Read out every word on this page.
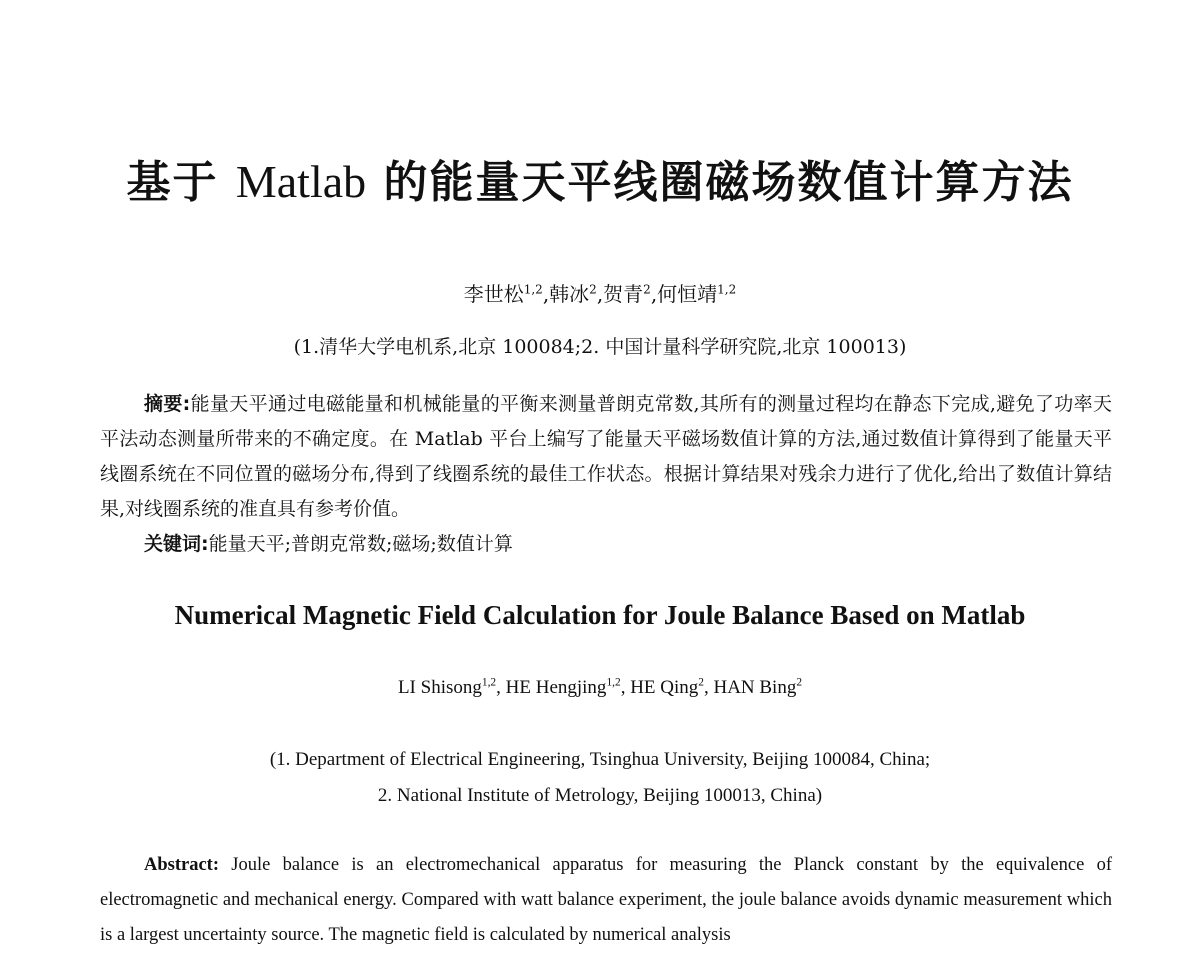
基于 Matlab 的能量天平线圈磁场数值计算方法
李世松$^{1,2}$,韩冰$^2$,贺青$^2$,何恒靖$^{1,2}$
(1.清华大学电机系,北京 100084;2. 中国计量科学研究院,北京 100013)
摘要:能量天平通过电磁能量和机械能量的平衡来测量普朗克常数,其所有的测量过程均在静态下完成,避免了功率天平法动态测量所带来的不确定度。在 Matlab 平台上编写了能量天平磁场数值计算的方法,通过数值计算得到了能量天平线圈系统在不同位置的磁场分布,得到了线圈系统的最佳工作状态。根据计算结果对残余力进行了优化,给出了数值计算结果,对线圈系统的准直具有参考价值。
关键词:能量天平;普朗克常数;磁场;数值计算
Numerical Magnetic Field Calculation for Joule Balance Based on Matlab
LI Shisong$^{1,2}$, HE Hengjing$^{1,2}$, HE Qing$^2$, HAN Bing$^2$
(1. Department of Electrical Engineering, Tsinghua University, Beijing 100084, China;
2. National Institute of Metrology, Beijing 100013, China)
Abstract: Joule balance is an electromechanical apparatus for measuring the Planck constant by the equivalence of electromagnetic and mechanical energy. Compared with watt balance experiment, the joule balance avoids dynamic measurement which is a largest uncertainty source. The magnetic field is calculated by numerical analysis
